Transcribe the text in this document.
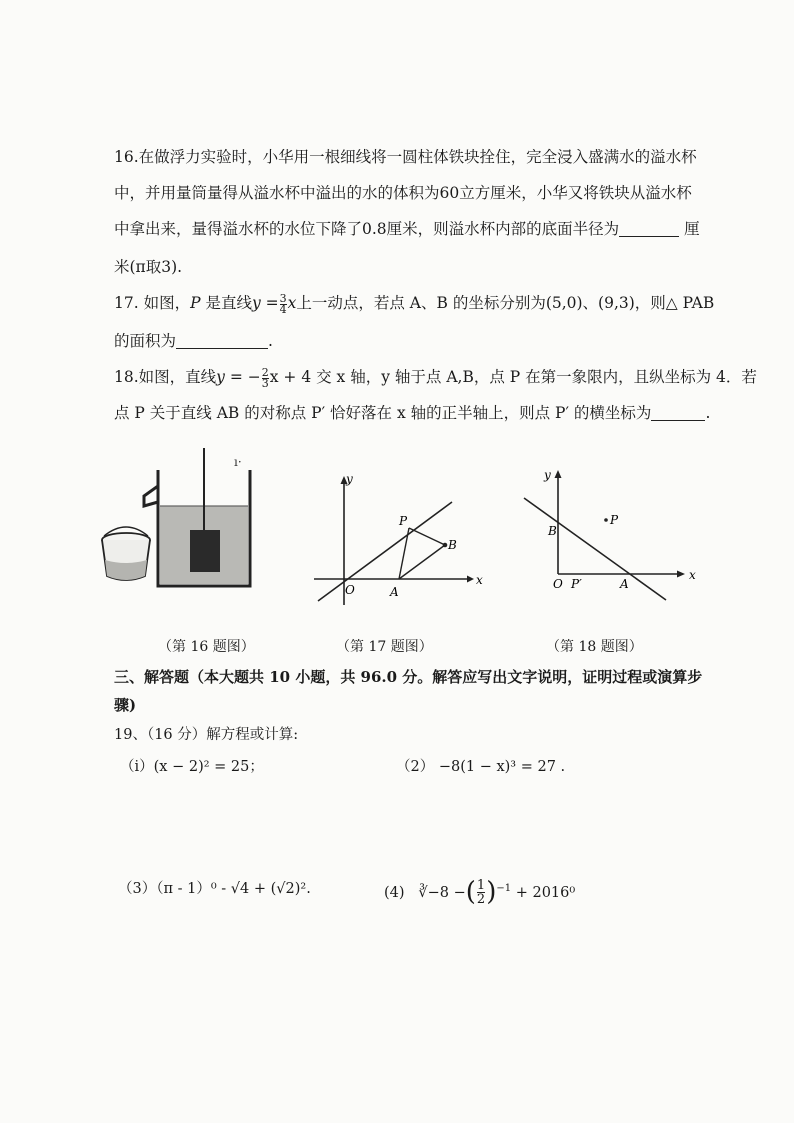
16.在做浮力实验时，小华用一根细线将一圆柱体铁块拴住，完全浸入盛满水的溢水杯
中，并用量筒量得从溢水杯中溢出的水的体积为60立方厘米，小华又将铁块从溢水杯
中拿出来，量得溢水杯的水位下降了0.8厘米，则溢水杯内部的底面半径为	厘
米(π取3).
17. 如图，P 是直线$y = \frac{3}{4}$ x上一动点，若点 A、B 的坐标分别为(5,0)、(9,3)，则△ PAB
的面积为	.
18.如图，直线y = − $\frac{2}{3}$ x + 4 交 x 轴，y 轴于点 A,B，点 P 在第一象限内，且纵坐标为 4．若
点 P 关于直线 AB 的对称点 P′ 恰好落在 x 轴的正半轴上，则点 P′ 的横坐标为	.
ı·
x
y
O	A
B
P
x
y
B
P
O P′	A
（第 16 题图）	（第 17 题图）	（第 18 题图）
三、解答题（本大题共 10 小题，共 96.0 分。解答应写出文字说明，证明过程或演算步
骤)
19、（16 分）解方程或计算:
（i）(x − 2)² = 25；	（2） −8(1 − x)³ = 27 .
（3）（π - 1）⁰ - √4 + (√2)².	(4) ∛−8 −( $\frac{1}{2} )^{-1} + 2016^0$
